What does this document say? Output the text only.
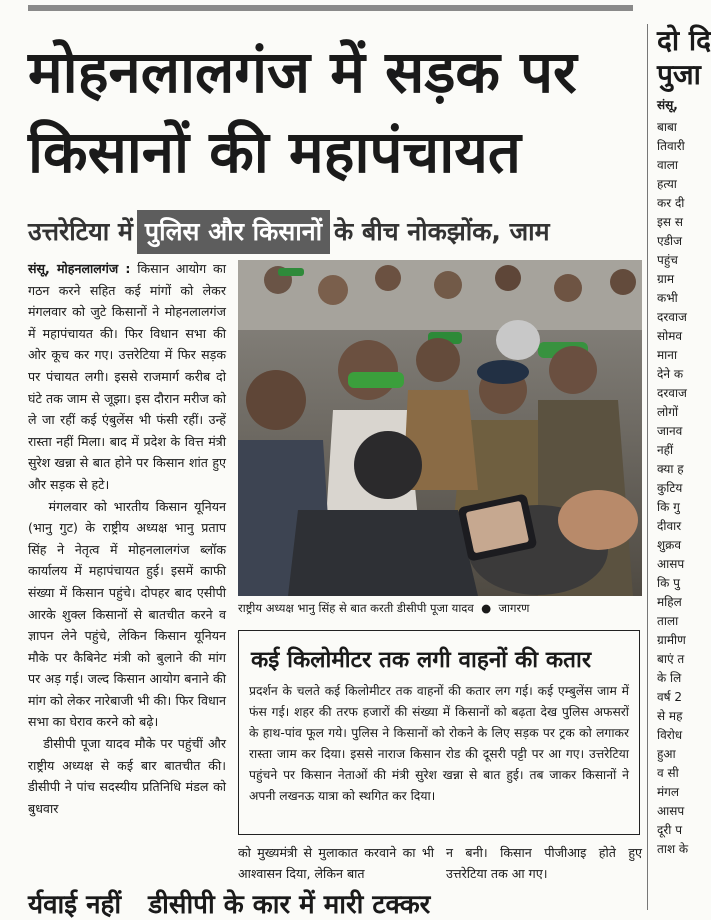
मोहनलालगंज में सड़क पर
किसानों की महापंचायत
उत्तरेटिया में पुलिस और किसानों के बीच नोकझोंक, जाम

संसू, मोहनलालगंज : किसान आयोग का गठन करने सहित कई मांगों को लेकर मंगलवार को जुटे किसानों ने मोहनलालगंज में महापंचायत की। फिर विधान सभा की ओर कूच कर गए। उत्तरेटिया में फिर सड़क पर पंचायत लगी। इससे राजमार्ग करीब दो घंटे तक जाम से जूझा। इस दौरान मरीज को ले जा रहीं कई एंबुलेंस भी फंसी रहीं। उन्हें रास्ता नहीं मिला। बाद में प्रदेश के वित्त मंत्री सुरेश खन्ना से बात होने पर किसान शांत हुए और सड़क से हटे।

मंगलवार को भारतीय किसान यूनियन (भानु गुट) के राष्ट्रीय अध्यक्ष भानु प्रताप सिंह ने नेतृत्व में मोहनलालगंज ब्लॉक कार्यालय में महापंचायत हुई। इसमें काफी संख्या में किसान पहुंचे। दोपहर बाद एसीपी आरके शुक्ल किसानों से बातचीत करने व ज्ञापन लेने पहुंचे, लेकिन किसान यूनियन मौके पर कैबिनेट मंत्री को बुलाने की मांग पर अड़ गई। जल्द किसान आयोग बनाने की मांग को लेकर नारेबाजी भी की। फिर विधान सभा का घेराव करने को बढ़े।

डीसीपी पूजा यादव मौके पर पहुंचीं और राष्ट्रीय अध्यक्ष से कई बार बातचीत की। डीसीपी ने पांच सदस्यीय प्रतिनिधि मंडल को बुधवार

राष्ट्रीय अध्यक्ष भानु सिंह से बात करती डीसीपी पूजा यादव  ●  जागरण
कई किलोमीटर तक लगी वाहनों की कतार
प्रदर्शन के चलते कई किलोमीटर तक वाहनों की कतार लग गई। कई एम्बुलेंस जाम में फंस गई। शहर की तरफ हजारों की संख्या में किसानों को बढ़ता देख पुलिस अफसरों के हाथ-पांव फूल गये। पुलिस ने किसानों को रोकने के लिए सड़क पर ट्रक को लगाकर रास्ता जाम कर दिया। इससे नाराज किसान रोड की दूसरी पट्टी पर आ गए। उत्तरेटिया पहुंचने पर किसान नेताओं की मंत्री सुरेश खन्ना से बात हुई। तब जाकर किसानों ने अपनी लखनऊ यात्रा को स्थगित कर दिया।
को मुख्यमंत्री से मुलाकात करवाने का भी आश्वासन दिया, लेकिन बात
न बनी। किसान पीजीआइ होते हुए उत्तरेटिया तक आ गए।
र्यवाई नहीं डीसीपी के कार में मारी टक्कर
दो दि
पुजा
संसू,
बाबा
तिवारी
वाला
हत्या
कर दी
इस स
एडीज
पहुंच
ग्राम
कभी
दरवाज
सोमव
माना
देने क
दरवाज
लोगों
जानव
नहीं
क्या ह
कुटिय
कि गु
दीवार
शुक्रव
आसप
कि पु
महिल
ताला
ग्रामीण
बाएं त
के लि
वर्ष 2
से मह
विरोध
हुआ
व सी
मंगल
आसप
दूरी प
ताश के
